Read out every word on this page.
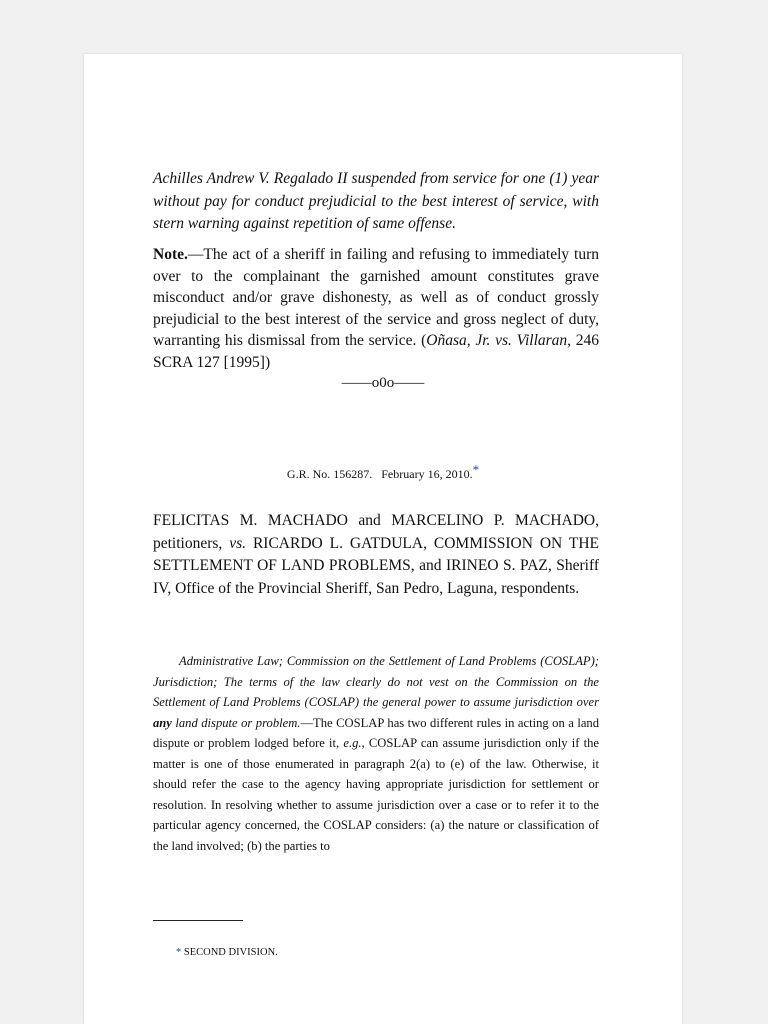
Achilles Andrew V. Regalado II suspended from service for one (1) year without pay for conduct prejudicial to the best interest of service, with stern warning against repetition of same offense.

Note.—The act of a sheriff in failing and refusing to immediately turn over to the complainant the garnished amount constitutes grave misconduct and/or grave dishonesty, as well as of conduct grossly prejudicial to the best interest of the service and gross neglect of duty, warranting his dismissal from the service. (Oñasa, Jr. vs. Villaran, 246 SCRA 127 [1995])

——o0o——
G.R. No. 156287. February 16, 2010.*

FELICITAS M. MACHADO and MARCELINO P. MACHADO, petitioners, vs. RICARDO L. GATDULA, COMMISSION ON THE SETTLEMENT OF LAND PROBLEMS, and IRINEO S. PAZ, Sheriff IV, Office of the Provincial Sheriff, San Pedro, Laguna, respondents.

Administrative Law; Commission on the Settlement of Land Problems (COSLAP); Jurisdiction; The terms of the law clearly do not vest on the Commission on the Settlement of Land Problems (COSLAP) the general power to assume jurisdiction over any land dispute or problem.—The COSLAP has two different rules in acting on a land dispute or problem lodged before it, e.g., COSLAP can assume jurisdiction only if the matter is one of those enumerated in paragraph 2(a) to (e) of the law. Otherwise, it should refer the case to the agency having appropriate jurisdiction for settlement or resolution. In resolving whether to assume jurisdiction over a case or to refer it to the particular agency concerned, the COSLAP considers: (a) the nature or classification of the land involved; (b) the parties to

* SECOND DIVISION.
